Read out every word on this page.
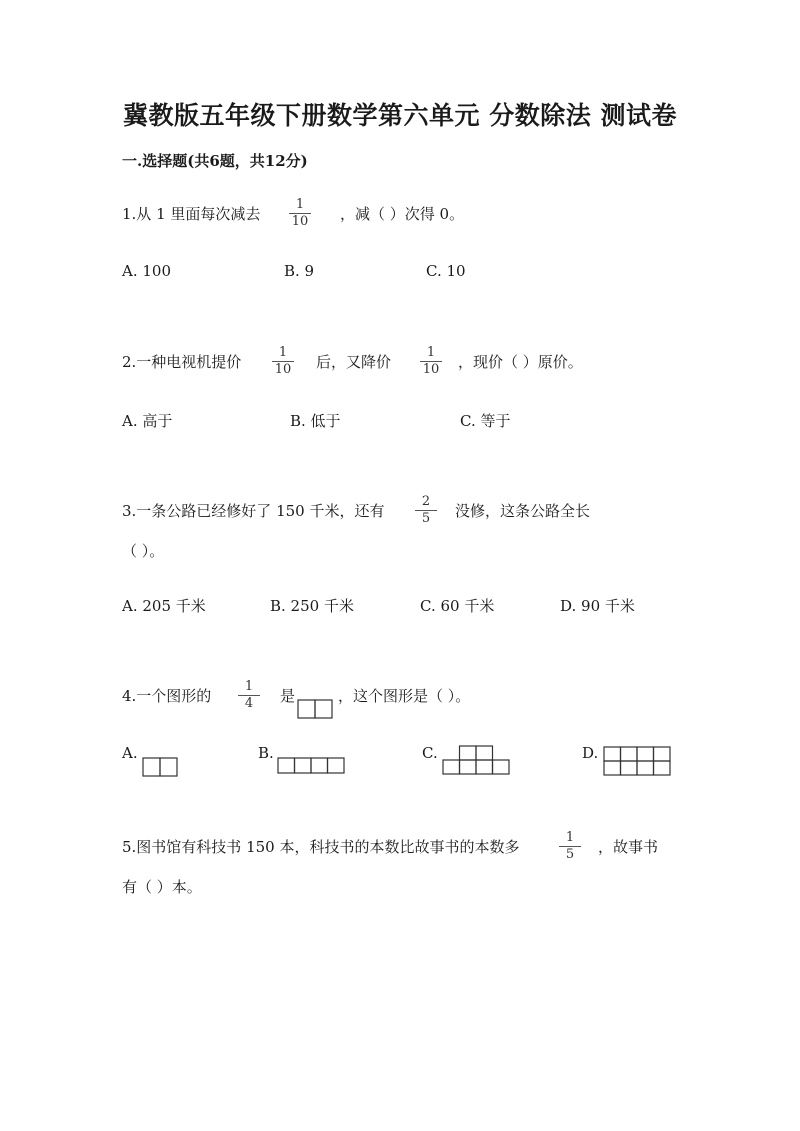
冀教版五年级下册数学第六单元 分数除法 测试卷
一.选择题(共6题，共12分)
1.从 1 里面每次减去
1
10	，减（ ）次得 0。
A. 100	B. 9	C. 10
2.一种电视机提价
1
10	后，又降价
1
10	，现价（ ）原价。
A. 高于	B. 低于	C. 等于
3.一条公路已经修好了 150 千米，还有
2
5	没修，这条公路全长
（ ）。
A. 205 千米	B. 250 千米	C. 60 千米	D. 90 千米
4.一个图形的
1
4	是	，这个图形是（ ）。
A.	B.	C.	D.
5.图书馆有科技书 150 本，科技书的本数比故事书的本数多
1
5	，故事书
有（ ）本。
